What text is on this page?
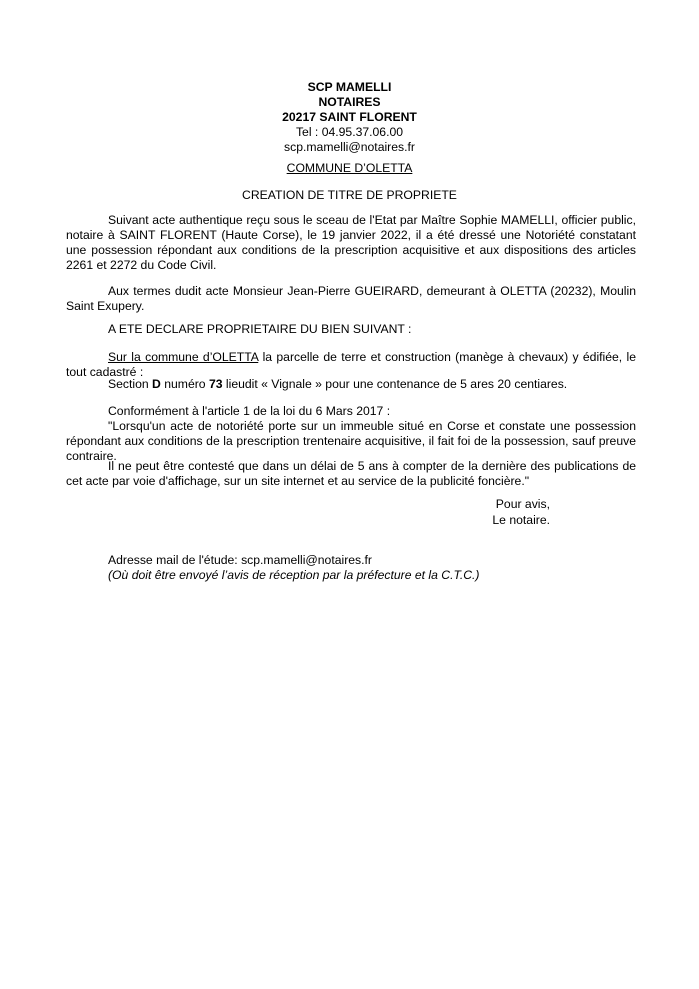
SCP MAMELLI
NOTAIRES
20217 SAINT FLORENT
Tel : 04.95.37.06.00
scp.mamelli@notaires.fr
COMMUNE D’OLETTA
CREATION DE TITRE DE PROPRIETE
Suivant acte authentique reçu sous le sceau de l'Etat par Maître Sophie MAMELLI, officier public, notaire à SAINT FLORENT (Haute Corse), le 19 janvier 2022, il a été dressé une Notoriété constatant une possession répondant aux conditions de la prescription acquisitive et aux dispositions des articles 2261 et 2272 du Code Civil.
Aux termes dudit acte Monsieur Jean-Pierre GUEIRARD, demeurant à OLETTA (20232), Moulin Saint Exupery.
A ETE DECLARE PROPRIETAIRE DU BIEN SUIVANT :
Sur la commune d’OLETTA la parcelle de terre et construction (manège à chevaux) y édifiée, le tout cadastré :
Section D numéro 73 lieudit « Vignale » pour une contenance de 5 ares 20 centiares.
Conformément à l'article 1 de la loi du 6 Mars 2017 :
"Lorsqu'un acte de notoriété porte sur un immeuble situé en Corse et constate une possession répondant aux conditions de la prescription trentenaire acquisitive, il fait foi de la possession, sauf preuve contraire.
Il ne peut être contesté que dans un délai de 5 ans à compter de la dernière des publications de cet acte par voie d'affichage, sur un site internet et au service de la publicité foncière."
Pour avis,
Le notaire.
Adresse mail de l'étude: scp.mamelli@notaires.fr
(Où doit être envoyé l’avis de réception par la préfecture et la C.T.C.)
